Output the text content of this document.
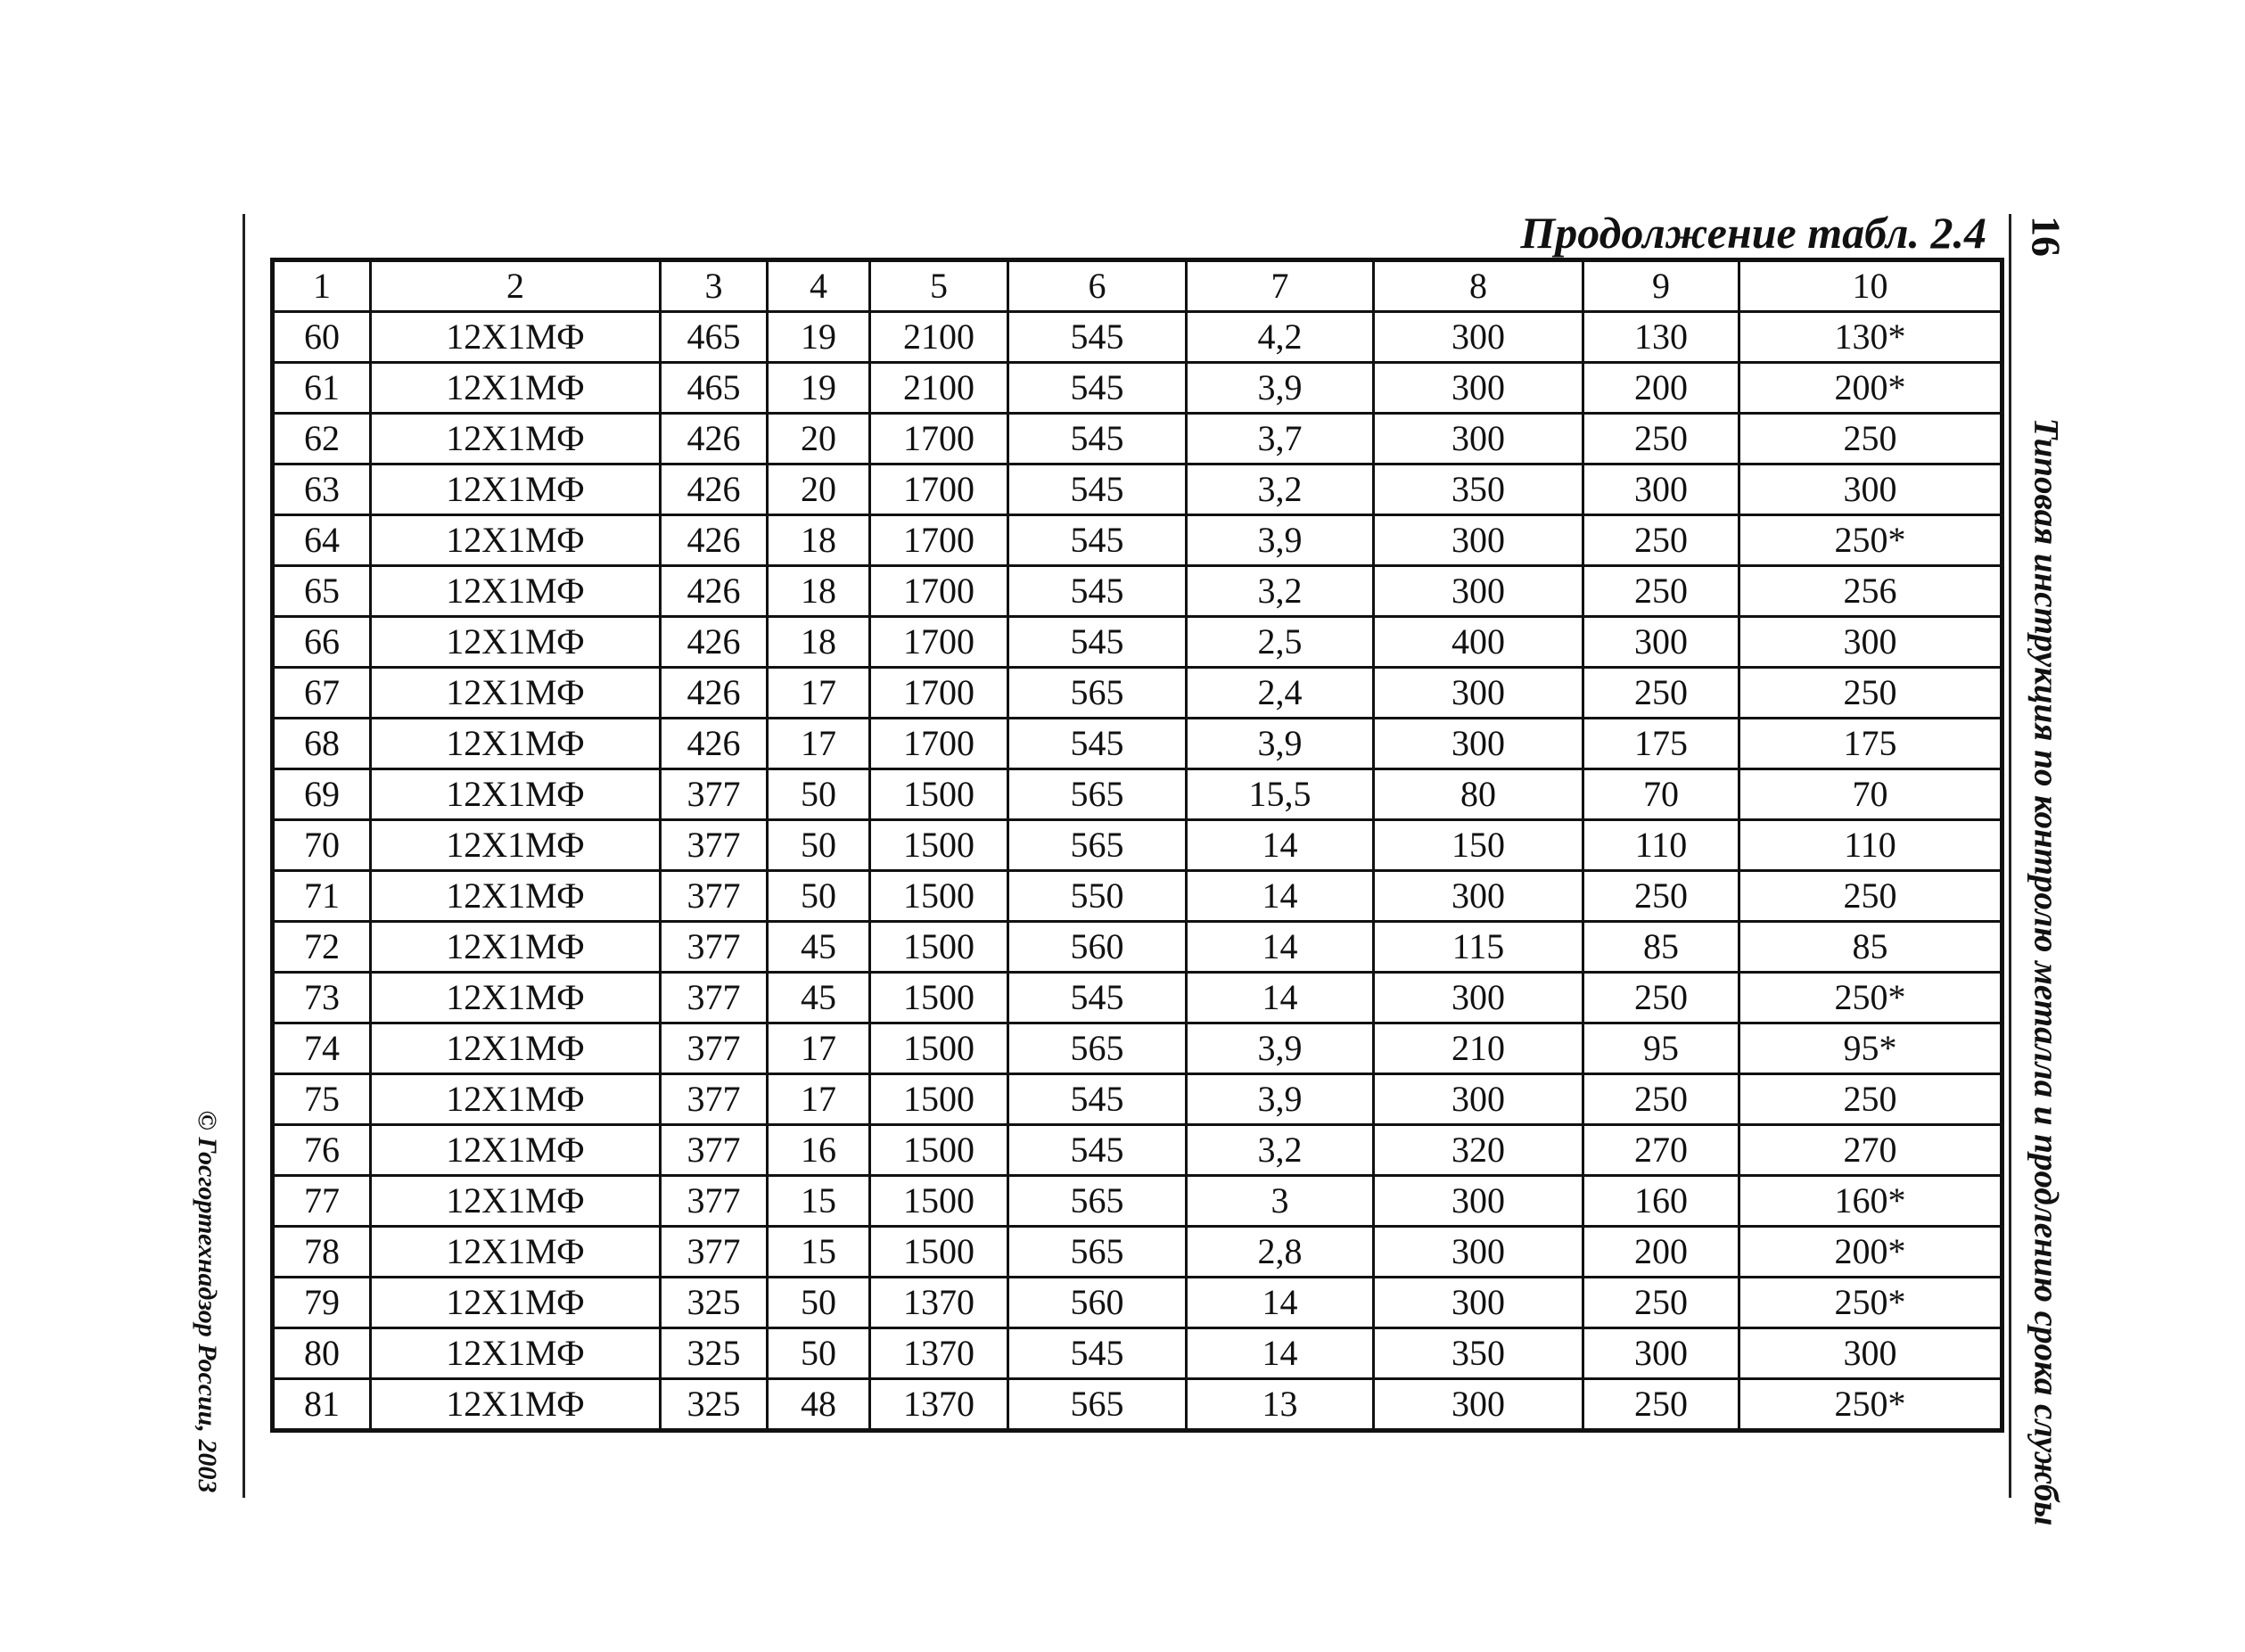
Продолжение табл. 2.4
© Госгортехнадзор России, 2003
16
Типовая инструкция по контролю металла и продлению срока службы
1	2	3	4	5	6	7	8	9	10
60	12Х1МФ	465	19	2100	545	4,2	300	130	130*
61	12Х1МФ	465	19	2100	545	3,9	300	200	200*
62	12Х1МФ	426	20	1700	545	3,7	300	250	250
63	12Х1МФ	426	20	1700	545	3,2	350	300	300
64	12Х1МФ	426	18	1700	545	3,9	300	250	250*
65	12Х1МФ	426	18	1700	545	3,2	300	250	256
66	12Х1МФ	426	18	1700	545	2,5	400	300	300
67	12Х1МФ	426	17	1700	565	2,4	300	250	250
68	12Х1МФ	426	17	1700	545	3,9	300	175	175
69	12Х1МФ	377	50	1500	565	15,5	80	70	70
70	12Х1МФ	377	50	1500	565	14	150	110	110
71	12Х1МФ	377	50	1500	550	14	300	250	250
72	12Х1МФ	377	45	1500	560	14	115	85	85
73	12Х1МФ	377	45	1500	545	14	300	250	250*
74	12Х1МФ	377	17	1500	565	3,9	210	95	95*
75	12Х1МФ	377	17	1500	545	3,9	300	250	250
76	12Х1МФ	377	16	1500	545	3,2	320	270	270
77	12Х1МФ	377	15	1500	565	3	300	160	160*
78	12Х1МФ	377	15	1500	565	2,8	300	200	200*
79	12Х1МФ	325	50	1370	560	14	300	250	250*
80	12Х1МФ	325	50	1370	545	14	350	300	300
81	12Х1МФ	325	48	1370	565	13	300	250	250*
